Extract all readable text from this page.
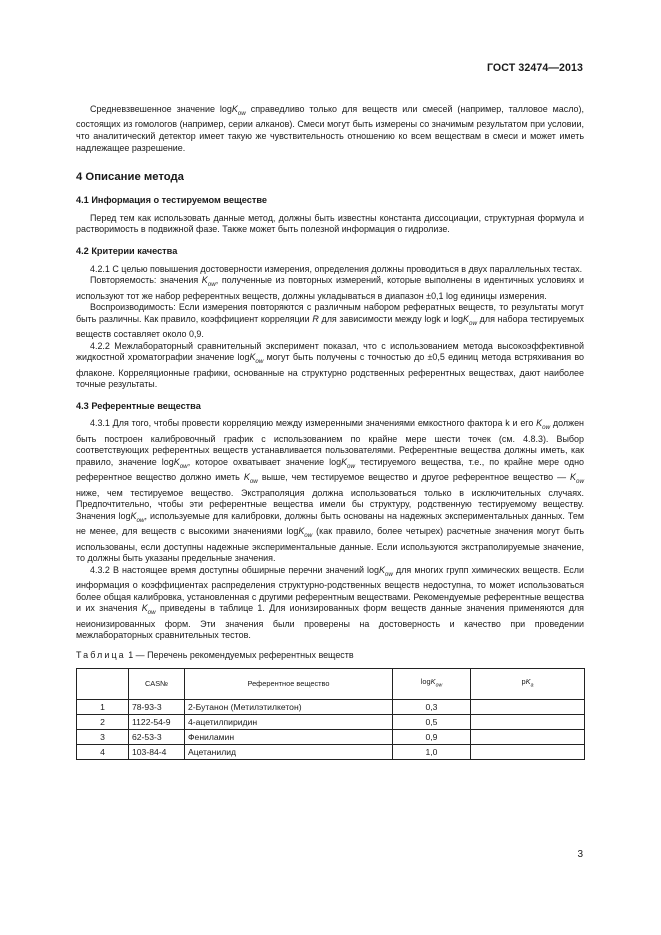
ГОСТ 32474—2013

Средневзвешенное значение logK$_{ow}$ справедливо только для веществ или смесей (например, талловое масло), состоящих из гомологов (например, серии алканов). Смеси могут быть измерены со значимым результатом при условии, что аналитический детектор имеет такую же чувствительность отношению ко всем веществам в смеси и может иметь надлежащее разрешение.

4 Описание метода
4.1 Информация о тестируемом веществе

Перед тем как использовать данные метод, должны быть известны константа диссоциации, структурная формула и растворимость в подвижной фазе. Также может быть полезной информация о гидролизе.

4.2 Критерии качества

4.2.1 С целью повышения достоверности измерения, определения должны проводиться в двух параллельных тестах.

Повторяемость: значения $K_{ow}$, полученные из повторных измерений, которые выполнены в идентичных условиях и используют тот же набор референтных веществ, должны укладываться в диапазон ±0,1 log единицы измерения.

Воспроизводимость: Если измерения повторяются с различным набором рефератных веществ, то результаты могут быть различны. Как правило, коэффициент корреляции R для зависимости между logk и logK$_{ow}$ для набора тестируемых веществ составляет около 0,9.

4.2.2 Межлабораторный сравнительный эксперимент показал, что с использованием метода высокоэффективной жидкостной хроматографии значение logK$_{ow}$ могут быть получены с точностью до ±0,5 единиц метода встряхивания во флаконе. Корреляционные графики, основанные на структурно родственных референтных веществах, дают наиболее точные результаты.

4.3 Референтные вещества

4.3.1 Для того, чтобы провести корреляцию между измеренными значениями емкостного фактора k и его $K_{ow}$ должен быть построен калибровочный график с использованием по крайне мере шести точек (см. 4.8.3). Выбор соответствующих референтных веществ устанавливается пользователями. Референтные вещества должны иметь, как правило, значение logK$_{ow}$, которое охватывает значение logK$_{ow}$ тестируемого вещества, т.е., по крайне мере одно референтное вещество должно иметь $K_{ow}$ выше, чем тестируемое вещество и другое референтное вещество — $K_{ow}$ ниже, чем тестируемое вещество. Экстраполяция должна использоваться только в исключительных случаях. Предпочтительно, чтобы эти референтные вещества имели бы структуру, родственную тестируемому веществу. Значения logK$_{ow}$, используемые для калибровки, должны быть основаны на надежных экспериментальных данных. Тем не менее, для веществ с высокими значениями logK$_{ow}$ (как правило, более четырех) расчетные значения могут быть использованы, если доступны надежные экспериментальные данные. Если используются экстраполируемые значение, то должны быть указаны предельные значения.

4.3.2 В настоящее время доступны обширные перечни значений logK$_{ow}$ для многих групп химических веществ. Если информация о коэффициентах распределения структурно-родственных веществ недоступна, то может использоваться более общая калибровка, установленная с другими референтным веществами. Рекомендуемые референтные вещества и их значения $K_{ow}$ приведены в таблице 1. Для ионизированных форм веществ данные значения применяются для неионизированных форм. Эти значения были проверены на достоверность и качество при проведении межлабораторных сравнительных тестов.

Таблица 1 — Перечень рекомендуемых референтных веществ
	CAS№	Референтное вещество	logK$_{ow}$	$pK_a$
1	78-93-3	2-Бутанон (Метилэтилкетон)	0,3	
2	1122-54-9	4-ацетилпиридин	0,5	
3	62-53-3	Фениламин	0,9	
4	103-84-4	Ацетанилид	1,0	
3
